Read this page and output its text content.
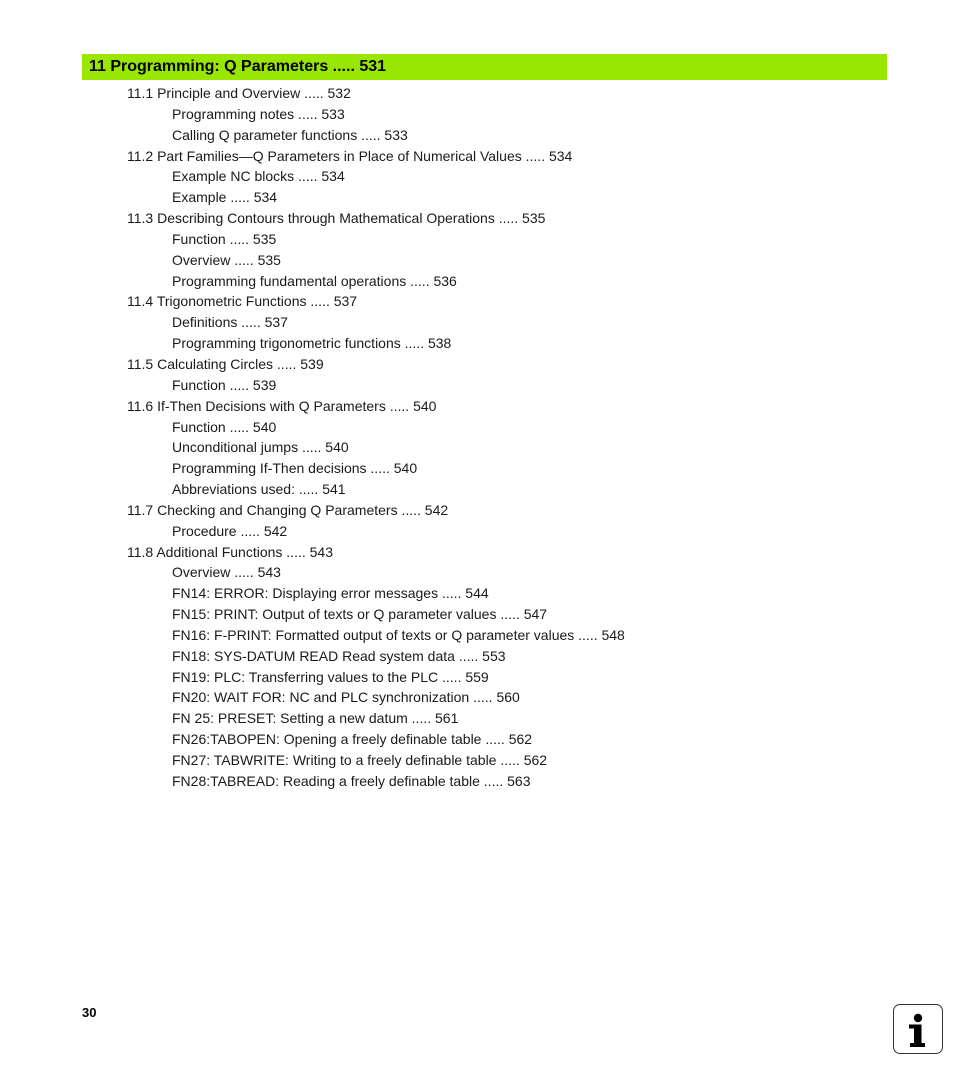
11 Programming: Q Parameters ..... 531
11.1 Principle and Overview ..... 532
Programming notes ..... 533
Calling Q parameter functions ..... 533
11.2 Part Families—Q Parameters in Place of Numerical Values ..... 534
Example NC blocks ..... 534
Example ..... 534
11.3 Describing Contours through Mathematical Operations ..... 535
Function ..... 535
Overview ..... 535
Programming fundamental operations ..... 536
11.4 Trigonometric Functions ..... 537
Definitions ..... 537
Programming trigonometric functions ..... 538
11.5 Calculating Circles ..... 539
Function ..... 539
11.6 If-Then Decisions with Q Parameters ..... 540
Function ..... 540
Unconditional jumps ..... 540
Programming If-Then decisions ..... 540
Abbreviations used: ..... 541
11.7 Checking and Changing Q Parameters ..... 542
Procedure ..... 542
11.8 Additional Functions ..... 543
Overview ..... 543
FN14: ERROR: Displaying error messages ..... 544
FN15: PRINT: Output of texts or Q parameter values ..... 547
FN16: F-PRINT: Formatted output of texts or Q parameter values ..... 548
FN18: SYS-DATUM READ Read system data ..... 553
FN19: PLC: Transferring values to the PLC ..... 559
FN20: WAIT FOR: NC and PLC synchronization ..... 560
FN 25: PRESET: Setting a new datum ..... 561
FN26:TABOPEN: Opening a freely definable table ..... 562
FN27: TABWRITE: Writing to a freely definable table ..... 562
FN28:TABREAD: Reading a freely definable table ..... 563
30
